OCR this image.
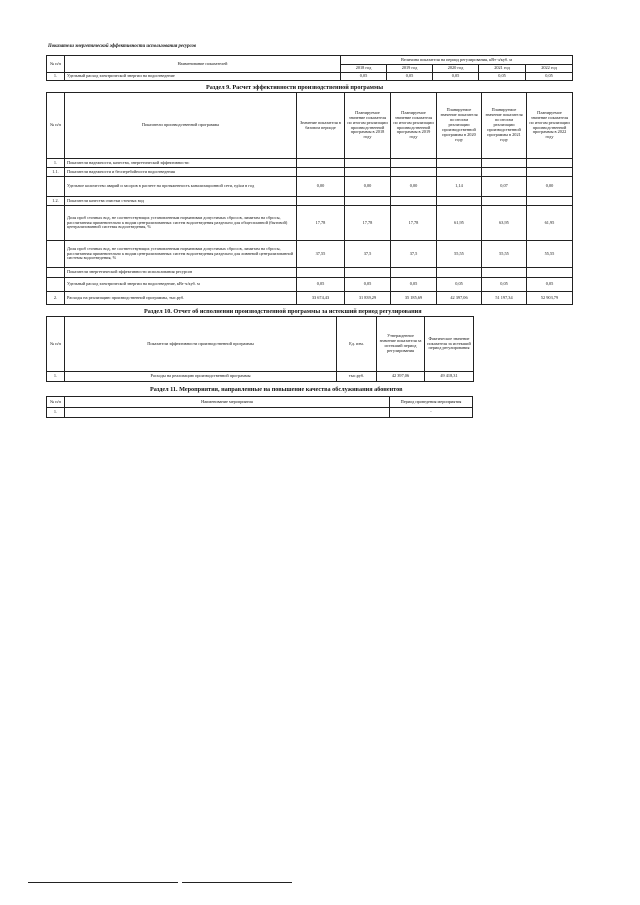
Показатели энергетической эффективности использования ресурсов
№ п/п	Наименование показателей	Величина показателя на период регулирования, кВт·ч/куб. м				
		2018 год	2019 год	2020 год	2021 год	2022 год
1.	Удельный расход электрической энергии на водоотведение	0,05	0,05	0,05	0,05	0,05
Раздел 9. Расчет эффективности производственной программы
№ п/п	Показатели производственной программы	Значение показателя в базовом периоде	Планируемое значение показателя по итогам реализации производственной программы в 2018 году	Планируемое значение показателя по итогам реализации производственной программы в 2019 году	Планируемое значение показателя по итогам реализации производственной программы в 2020 году	Планируемое значение показателя по итогам реализации производственной программы в 2021 году	Планируемое значение показателя по итогам реализации производственной программы в 2022 году
1.	Показатели надежности, качества, энергетической эффективности:						
1.1.	Показатели надежности и бесперебойности водоотведения						
	Удельное количество аварий и засоров в расчете на протяженность канализационной сети, ед/км в год	0,00	0,00	0,00	1,14	0,07	0,00
1.2.	Показатели качества очистки сточных вод						
	Доля проб сточных вод, не соответствующих установленным нормативам допустимых сбросов, лимитам на сбросы, рассчитанная применительно к видам централизованных систем водоотведения раздельно для общесплавной (бытовой) централизованной системы водоотведения, %	17,78	17,78	17,78	61,95	63,95	61,95
	Доля проб сточных вод, не соответствующих установленным нормативам допустимых сбросов, лимитам на сбросы, рассчитанная применительно к видам централизованных систем водоотведения раздельно для ливневой централизованной системы водоотведения, %	37,55	37,5	37,5	55,55	55,55	55,55
	Показатели энергетической эффективности использования ресурсов						
	Удельный расход электрической энергии на водоотведение, кВт·ч/куб. м	0,05	0,05	0,05	0,05	0,05	0,05
2.	Расходы на реализацию производственной программы, тыс.руб.	33 674,43	31 839,29	35 185,69	42 397,06	51 197,34	52 903,79
Раздел 10. Отчет об исполнении производственной программы за истекший период регулирования
№ п/п	Показатели эффективности производственной программы	Ед. изм.	Утвержденное значение показателя за истекший период регулирования	Фактическое значение показателя за истекший период регулирования
1.	Расходы на реализацию производственной программы	тыс.руб.	42 397,06	49 418,31
Раздел 11. Мероприятия, направленные на повышение качества обслуживания абонентов
№ п/п	Наименование мероприятия	Период проведения мероприятия
1.		-
